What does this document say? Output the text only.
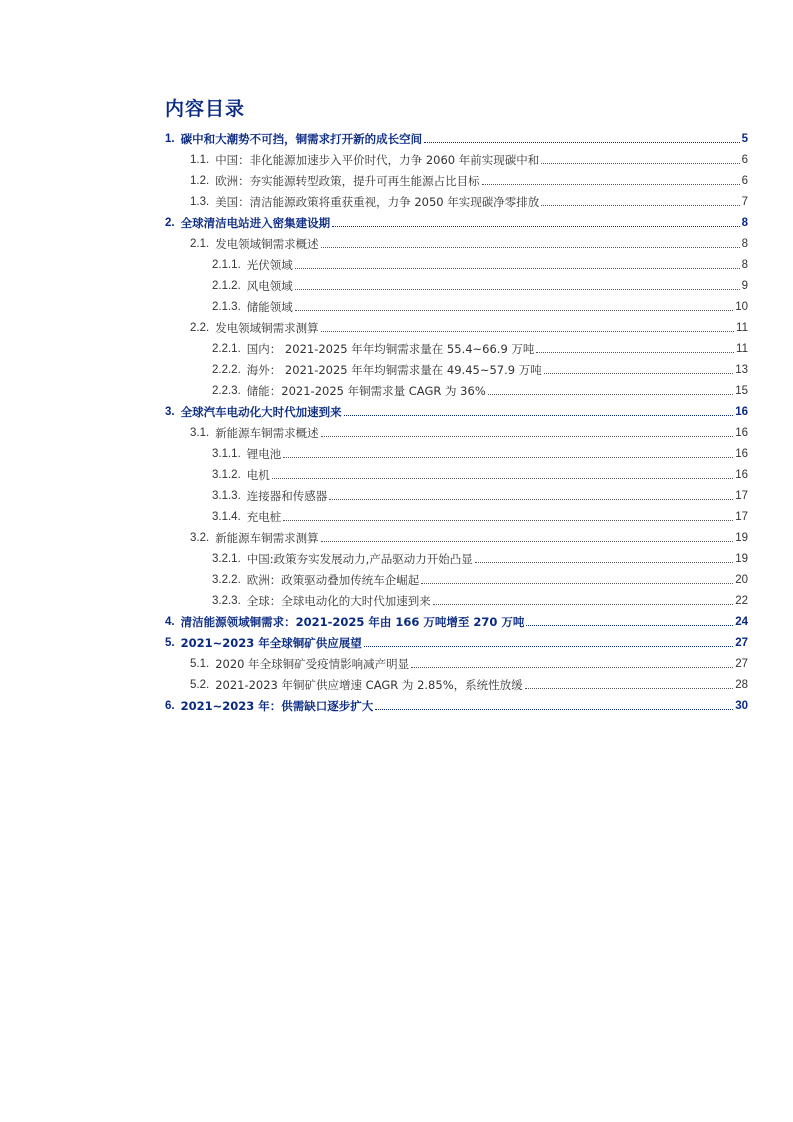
内容目录
1. 碳中和大潮势不可挡，铜需求打开新的成长空间	5
1.1. 中国：非化能源加速步入平价时代，力争 2060 年前实现碳中和	6
1.2. 欧洲：夯实能源转型政策，提升可再生能源占比目标	6
1.3. 美国：清洁能源政策将重获重视，力争 2050 年实现碳净零排放	7
2. 全球清洁电站进入密集建设期	8
2.1. 发电领域铜需求概述	8
2.1.1. 光伏领域	8
2.1.2. 风电领域	9
2.1.3. 储能领域	10
2.2. 发电领域铜需求测算	11
2.2.1. 国内： 2021-2025 年年均铜需求量在 55.4~66.9 万吨	11
2.2.2. 海外： 2021-2025 年年均铜需求量在 49.45~57.9 万吨	13
2.2.3. 储能：2021-2025 年铜需求量 CAGR 为 36%	15
3. 全球汽车电动化大时代加速到来	16
3.1. 新能源车铜需求概述	16
3.1.1. 锂电池	16
3.1.2. 电机	16
3.1.3. 连接器和传感器	17
3.1.4. 充电桩	17
3.2. 新能源车铜需求测算	19
3.2.1. 中国:政策夯实发展动力,产品驱动力开始凸显	19
3.2.2. 欧洲：政策驱动叠加传统车企崛起	20
3.2.3. 全球：全球电动化的大时代加速到来	22
4. 清洁能源领域铜需求：2021-2025 年由 166 万吨增至 270 万吨	24
5. 2021~2023 年全球铜矿供应展望	27
5.1. 2020 年全球铜矿受疫情影响减产明显	27
5.2. 2021-2023 年铜矿供应增速 CAGR 为 2.85%，系统性放缓	28
6. 2021~2023 年：供需缺口逐步扩大	30
